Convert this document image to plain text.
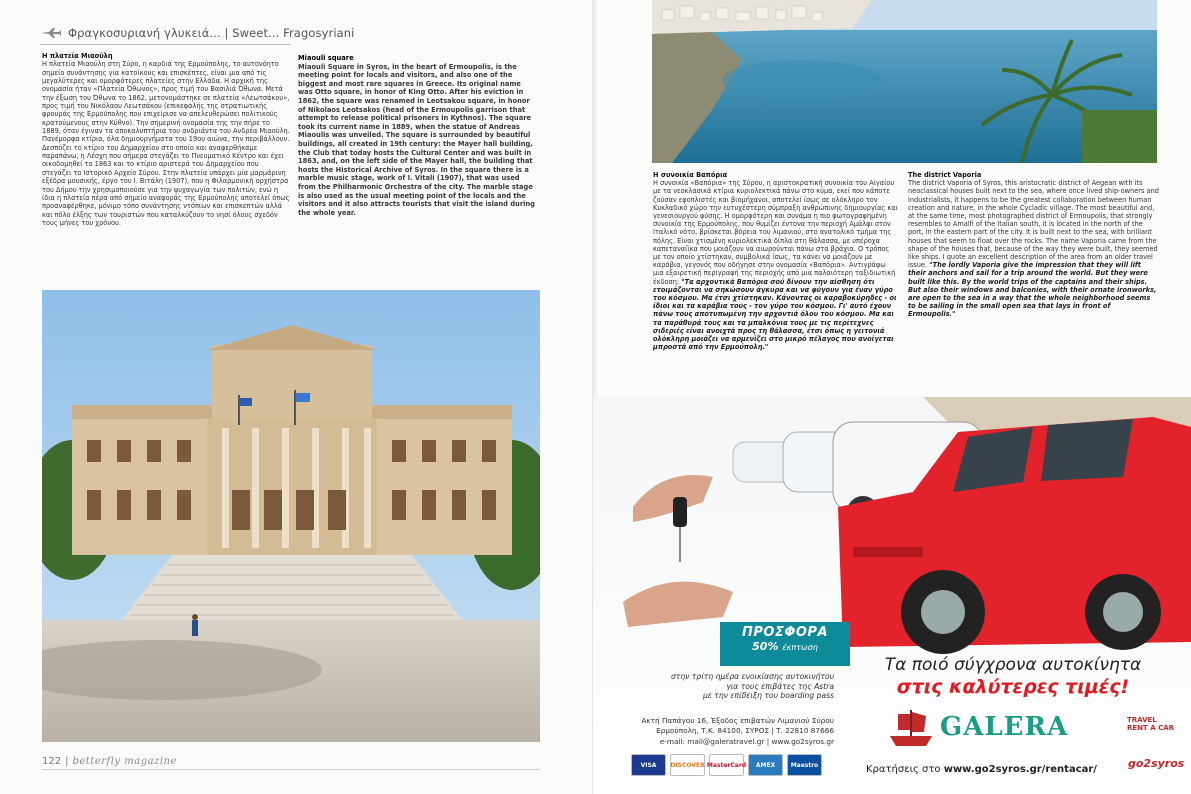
Φραγκοσυριανή γλυκειά... | Sweet... Fragosyriani
Η πλατεία Μιαούλη

Η πλατεία Μιαούλη στη Σύρο, η καρδιά της Ερμούπολης, το αυτονόητο σημείο συνάντησης για κατοίκους και επισκέπτες, είναι μια από τις μεγαλύτερες και ομορφότερες πλατείες στην Ελλάδα. Η αρχική της ονομασία ήταν «Πλατεία Όθωνος», προς τιμή του Βασιλιά Όθωνα. Μετά την έξωση του Όθωνα το 1862, μετονομάστηκε σε πλατεία «Λεωτσάκου», προς τιμή του Νικόλαου Λεωτσάκου (επικεφαλής της στρατιωτικής φρουράς της Ερμούπολης που επιχείρισε να απελευθερώσει πολιτικούς κρατούμενους στην Κύθνο). Την σημερινή ονομασία της την πήρε το 1889, όταν έγιναν τα αποκαλυπτήρια του ανδριάντα του Ανδρέα Μιαούλη. Πανέμορφα κτίρια, όλα δημιουργήματα του 19ου αιώνα, την περιβάλλουν. Δεσπόζει το κτίριο του Δημαρχείου στο οποίο και αναφερθήκαμε παραπάνω, η Λέσχη που σήμερα στεγάζει το Πνευματικό Κέντρο και έχει οικοδομηθεί το 1863 και το κτίριο αριστερά του Δημαρχείου που στεγάζει το Ιστορικό Αρχείο Σύρου. Στην πλατεία υπάρχει μία μαρμάρινη εξέδρα μουσικής, έργο του Ι. Βιτάλη (1907), που η Φιλαρμονική ορχήστρα του Δήμου την χρησιμοποιούσε για την ψυχαγωγία των πολιτών, ενώ η ίδια η πλατεία πέρα από σημείο αναφοράς της Ερμούπολης αποτελεί όπως προαναφέρθηκε, μόνιμο τόπο συνάντησης ντόπιων και επισκεπτών αλλά και πόλο έλξης των τουριστών που καταλκύζουν το νησί όλους σχεδόν τους μήνες του χρόνου.

Miaouli square

Miaouli Square in Syros, in the heart of Ermoupolis, is the meeting point for locals and visitors, and also one of the biggest and most rare squares in Greece. Its original name was Otto square, in honor of King Otto. After his eviction in 1862, the square was renamed in Leotsakou square, in honor of Nikolaos Leotsakos (head of the Ermoupolis garrison that attempt to release political prisoners in Kythnos). The square took its current name in 1889, when the statue of Andreas Miaoulis was unveiled. The square is surrounded by beautiful buildings, all created in 19th century: the Mayer hall building, the Club that today hosts the Cultural Center and was built in 1863, and, on the left side of the Mayer hall, the building that hosts the Historical Archive of Syros. In the square there is a marble music stage, work of I. Vitali (1907), that was used from the Philharmonic Orchestra of the city. The marble stage is also used as the usual meeting point of the locals and the visitors and it also attracts tourists that visit the island during the whole year.

122 | betterfly magazine
Η συνοικία Βαπόρια

Η συνοικία «Βαπόρια» της Σύρου, η αριστοκρατική συνοικία του Αιγαίου με τα νεοκλασικά κτίρια κυριολεκτικά πάνω στο κύμα, εκεί που κάποτε ζούσαν εφοπλιστές και βιομήχανοι, αποτελεί ίσως σε ολόκληρο τον Κυκλαδικό χώρο την ευτυχέστερη σύμπραξη ανθρώπινης δημιουργίας και γενεσιουργού φύσης. Η ομορφότερη και συνάμα η πιο φωτογραφημένη συνοικία της Ερμούπολης, που θυμίζει έντονα την περιοχή Αμάλφι στον Ιταλικό νότο, βρίσκεται βόρεια του λιμανιού, στο ανατολικό τμήμα της πόλης. Είναι χτισμένη κυριολεκτικά δίπλα στη θάλασσα, με υπέροχα καπεταναίϊκα που μοιάζουν να αιωρούνται πάνω στα βράχια. Ο τρόπος με τον οποίο χτίστηκαν, συμβολικά ίσως, τα κάνει να μοιάζουν με καράβια, γεγονός που οδήγησε στην ονομασία «Βαπόρια». Αντιγράφω μια εξαιρετική περιγραφή της περιοχής από μια παλαιότερη ταξιδιωτική έκδοση: "Τα αρχοντικά Βαπόρια σού δίνουν την αίσθηση ότι ετοιμάζονται να σηκώσουν άγκυρα και να φύγουν για έναν γύρο του κόσμου. Μα έτσι χτίστηκαν. Κάνοντας οι καραβοκύρηδες - οι ίδιοι και τα καράβια τους - τον γύρο του κόσμου. Γι' αυτό έχουν πάνω τους αποτυπωμένη την αρχοντιά όλου του κόσμου. Μα και τα παράθυρά τους και τα μπαλκόνια τους με τις περίτεχνες σιδεριές είναι ανοιχτά προς τη θάλασσα, έτσι όπως η γειτονιά ολόκληρη μοιάζει να αρμενίζει στο μικρό πέλαγος που ανοίγεται μπροστά από την Ερμούπολη."

The district Vaporia

The district Vaporia of Syros, this aristocratic district of Aegean with its neoclassical houses built next to the sea, where once lived ship-owners and industrialists, it happens to be the greatest collaboration between human creation and nature, in the whole Cycladic village. The most beautiful and, at the same time, most photographed district of Ermoupolis, that strongly resembles to Amalfi of the Italian south, it is located in the north of the port, in the eastern part of the city. It is built next to the sea, with brilliant houses that seem to float over the rocks. The name Vaporia came from the shape of the houses that, because of the way they were built, they seemed like ships. I quote an excellent description of the area from an older travel issue. "The lordly Vaporia give the impression that they will lift their anchors and sail for a trip around the world. But they were built like this. By the world trips of the captains and their ships. But also their windows and balconies, with their ornate ironworks, are open to the sea in a way that the whole neighborhood seems to be sailing in the small open sea that lays in front of Ermoupolis."

ΠΡΟΣΦΟΡΑ
50% έκπτωση
στην τρίτη ημέρα ενοικίασης αυτοκινήτου
για τους επιβάτες της Astra
με την επίδειξη του boarding pass
Ακτή Παπάγου 16, Έξοδος επιβατών Λιμανιού Σύρου
Ερμούπολη, Τ.Κ. 84100, ΣΥΡΟΣ | Τ. 22810 87666
e-mail: mail@galeratravel.gr | www.go2syros.gr
Τα ποιό σύγχρονα αυτοκίνητα
στις καλύτερες τιμές!
GALERA	TRAVEL
RENT A CAR
Κρατήσεις στο www.go2syros.gr/rentacar/	go2syros
VISA	DISCOVER MasterCard	AMEX	Maestro
